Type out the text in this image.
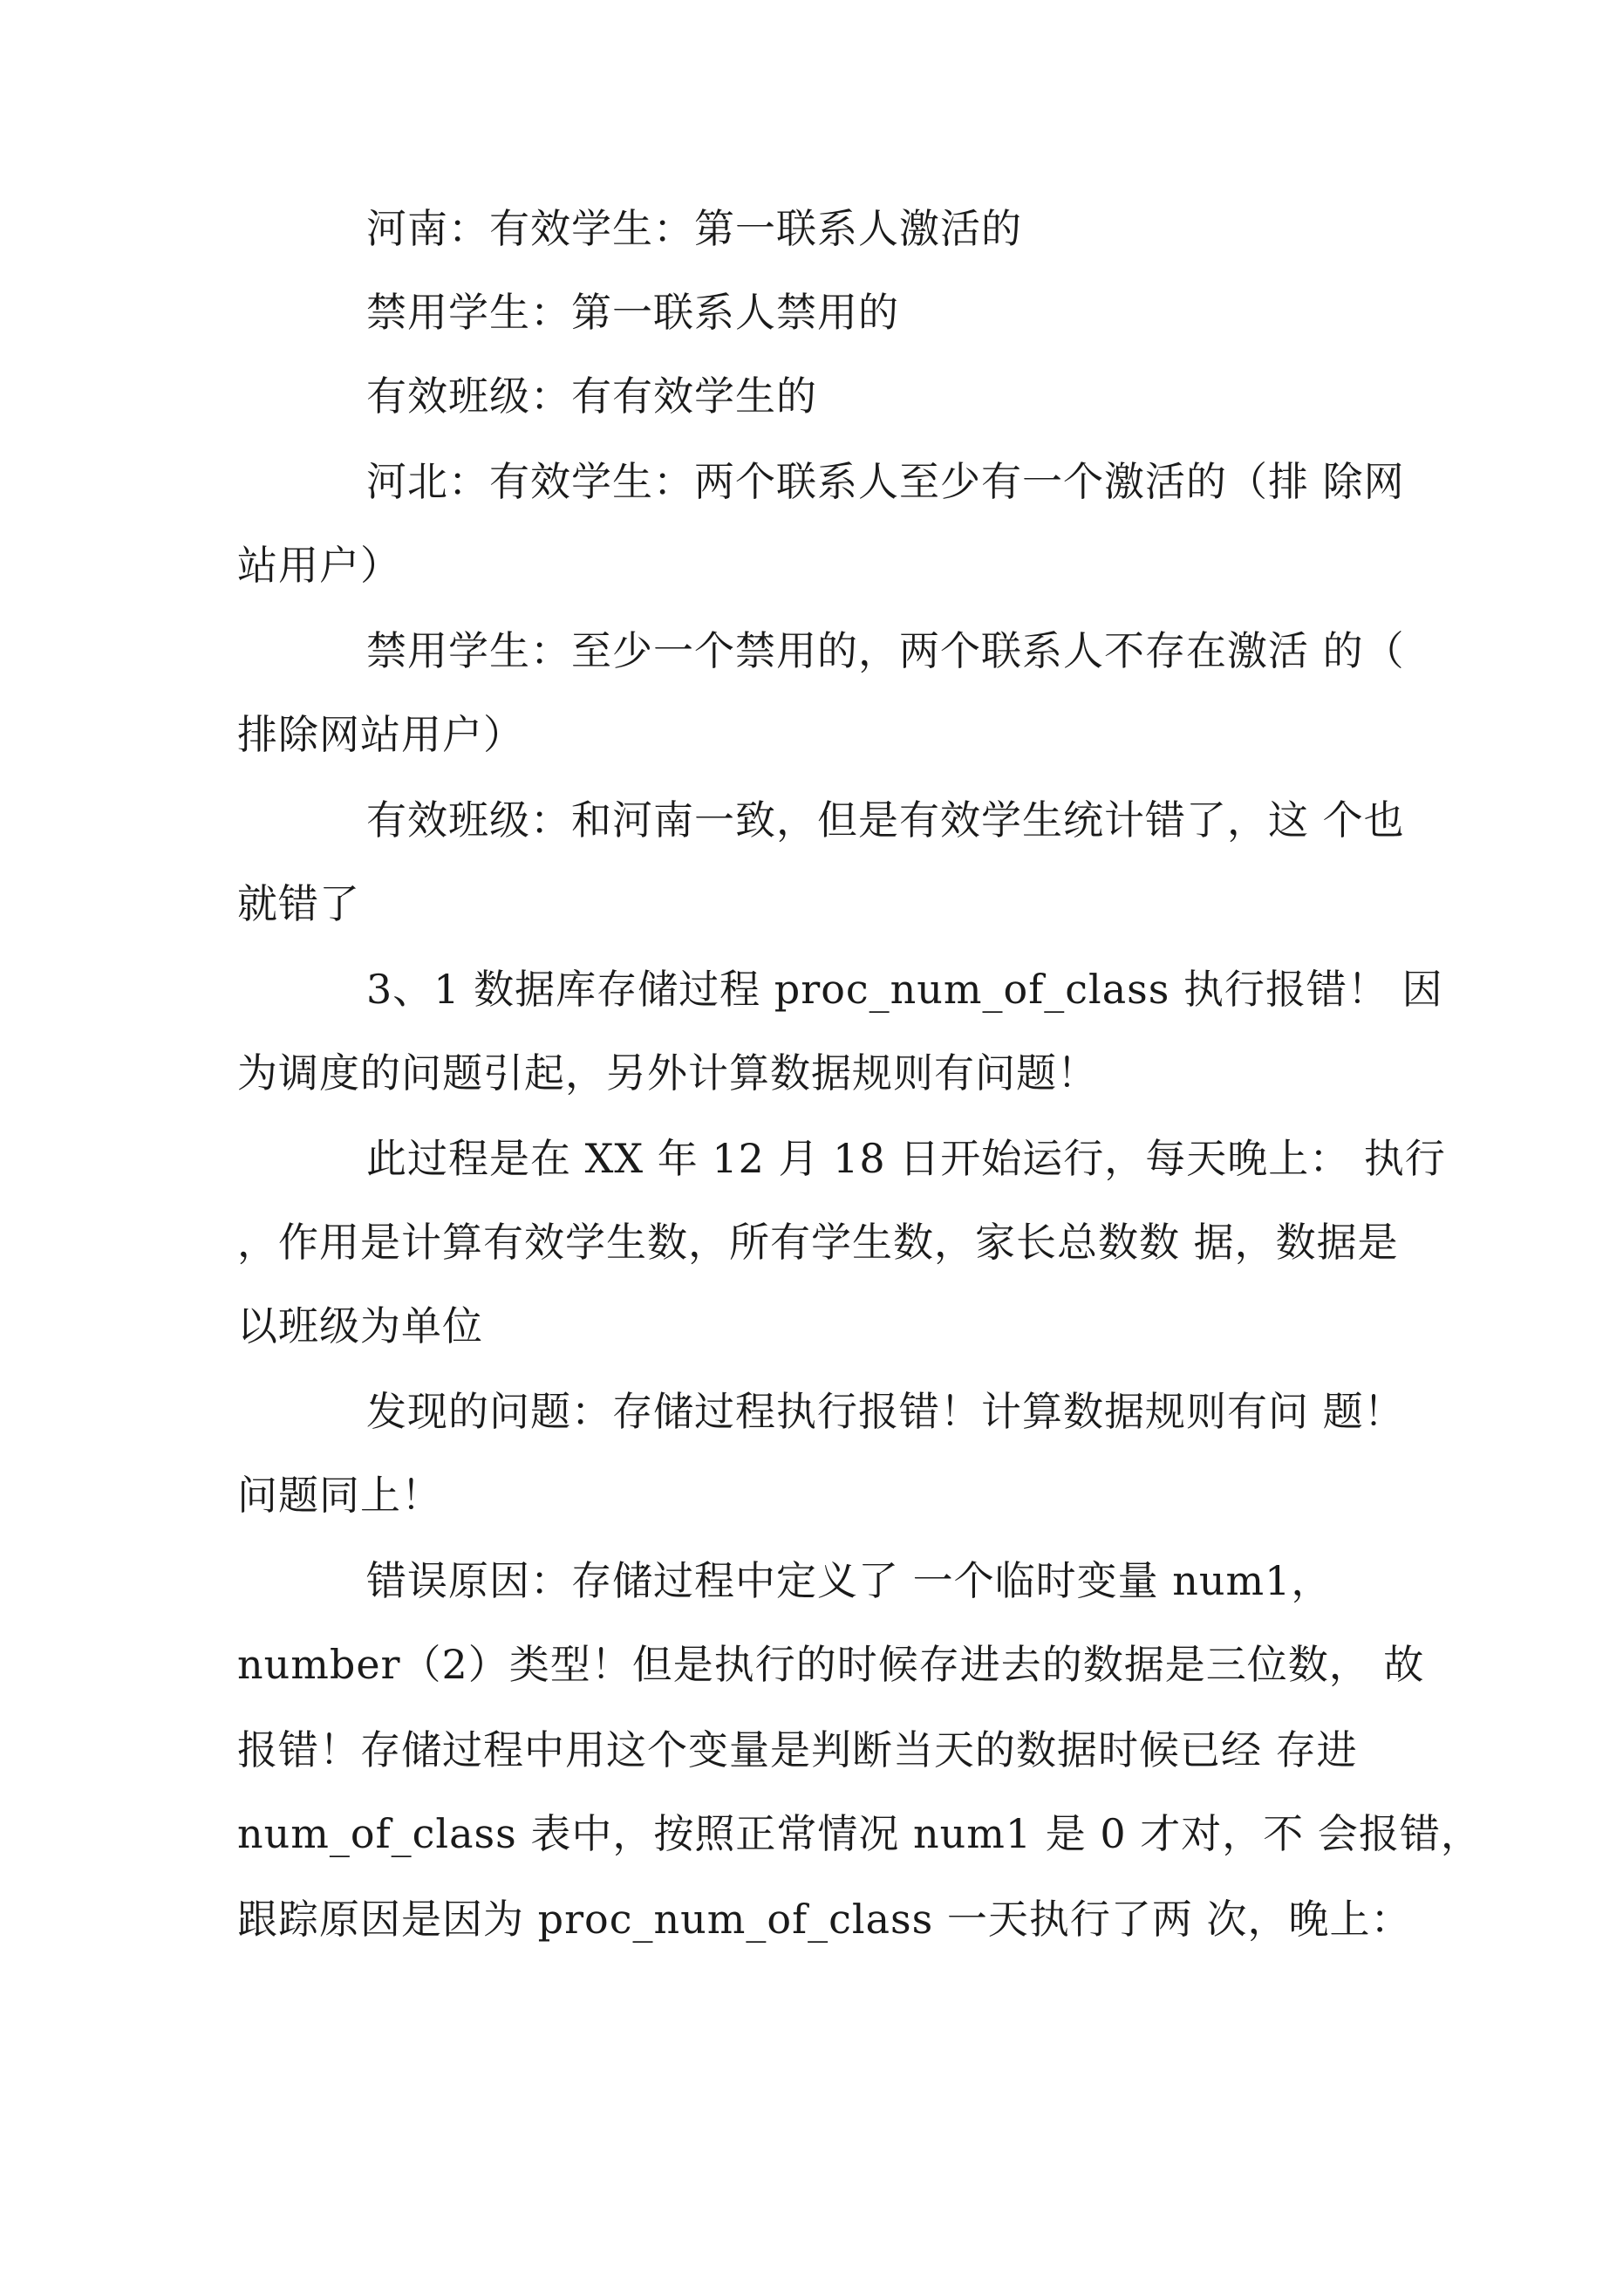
河南：有效学生：第一联系人激活的
禁用学生：第一联系人禁用的
有效班级：有有效学生的
河北：有效学生：两个联系人至少有一个激活的（排 除网
站用户）
禁用学生：至少一个禁用的，两个联系人不存在激活 的（
排除网站用户）
有效班级：和河南一致，但是有效学生统计错了，这 个也
就错了
3、1 数据库存储过程 proc_num_of_class 执行报错！ 因
为调度的问题引起，另外计算数据规则有问题！
此过程是在 XX 年 12 月 18 日开始运行，每天晚上： 执行
，作用是计算有效学生数，所有学生数，家长总数数 据，数据是
以班级为单位
发现的问题：存储过程执行报错！计算数据规则有问 题！
问题同上！
错误原因：存储过程中定义了 一个临时变量 num1，
number（2）类型！但是执行的时候存进去的数据是三位数， 故
报错！存储过程中用这个变量是判断当天的数据时候已经 存进
num_of_class 表中，按照正常情况 num1 是 0 才对，不 会报错，
跟踪原因是因为 proc_num_of_class 一天执行了两 次，晚上：
